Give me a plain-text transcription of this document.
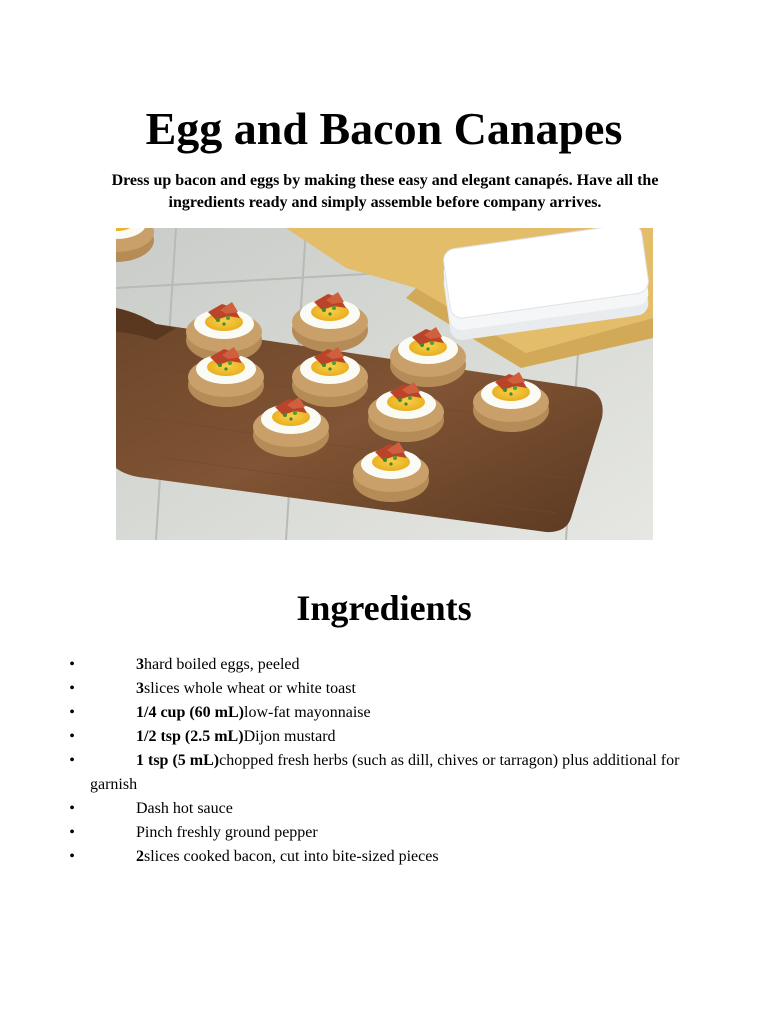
Egg and Bacon Canapes

Dress up bacon and eggs by making these easy and elegant canapés. Have all the ingredients ready and simply assemble before company arrives.

Ingredients
•	3hard boiled eggs, peeled
•	3slices whole wheat or white toast
•	1/4 cup (60 mL)low-fat mayonnaise
•	1/2 tsp (2.5 mL)Dijon mustard
•	1 tsp (5 mL)chopped fresh herbs (such as dill, chives or tarragon) plus additional for garnish
•	Dash hot sauce
•	Pinch freshly ground pepper
•	2slices cooked bacon, cut into bite-sized pieces
